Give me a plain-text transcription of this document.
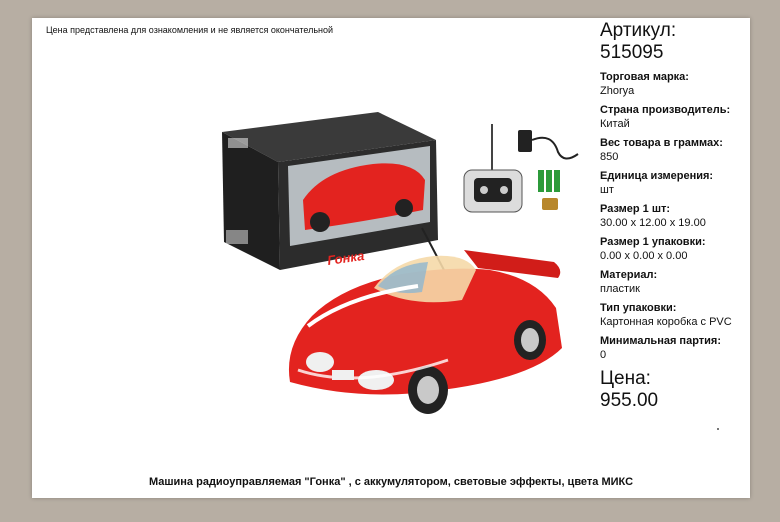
Цена представлена для ознакомления и не является окончательной
Гонка
Артикул:
515095
Торговая марка:
Zhorya
Страна производитель:
Китай
Вес товара в граммах:
850
Единица измерения:
шт
Размер 1 шт:
30.00 x 12.00 x 19.00
Размер 1 упаковки:
0.00 x 0.00 x 0.00
Материал:
пластик
Тип упаковки:
Картонная коробка с PVC
Минимальная партия:
0
Цена:
955.00
Машина радиоуправляемая "Гонка" , с аккумулятором, световые эффекты, цвета МИКС
